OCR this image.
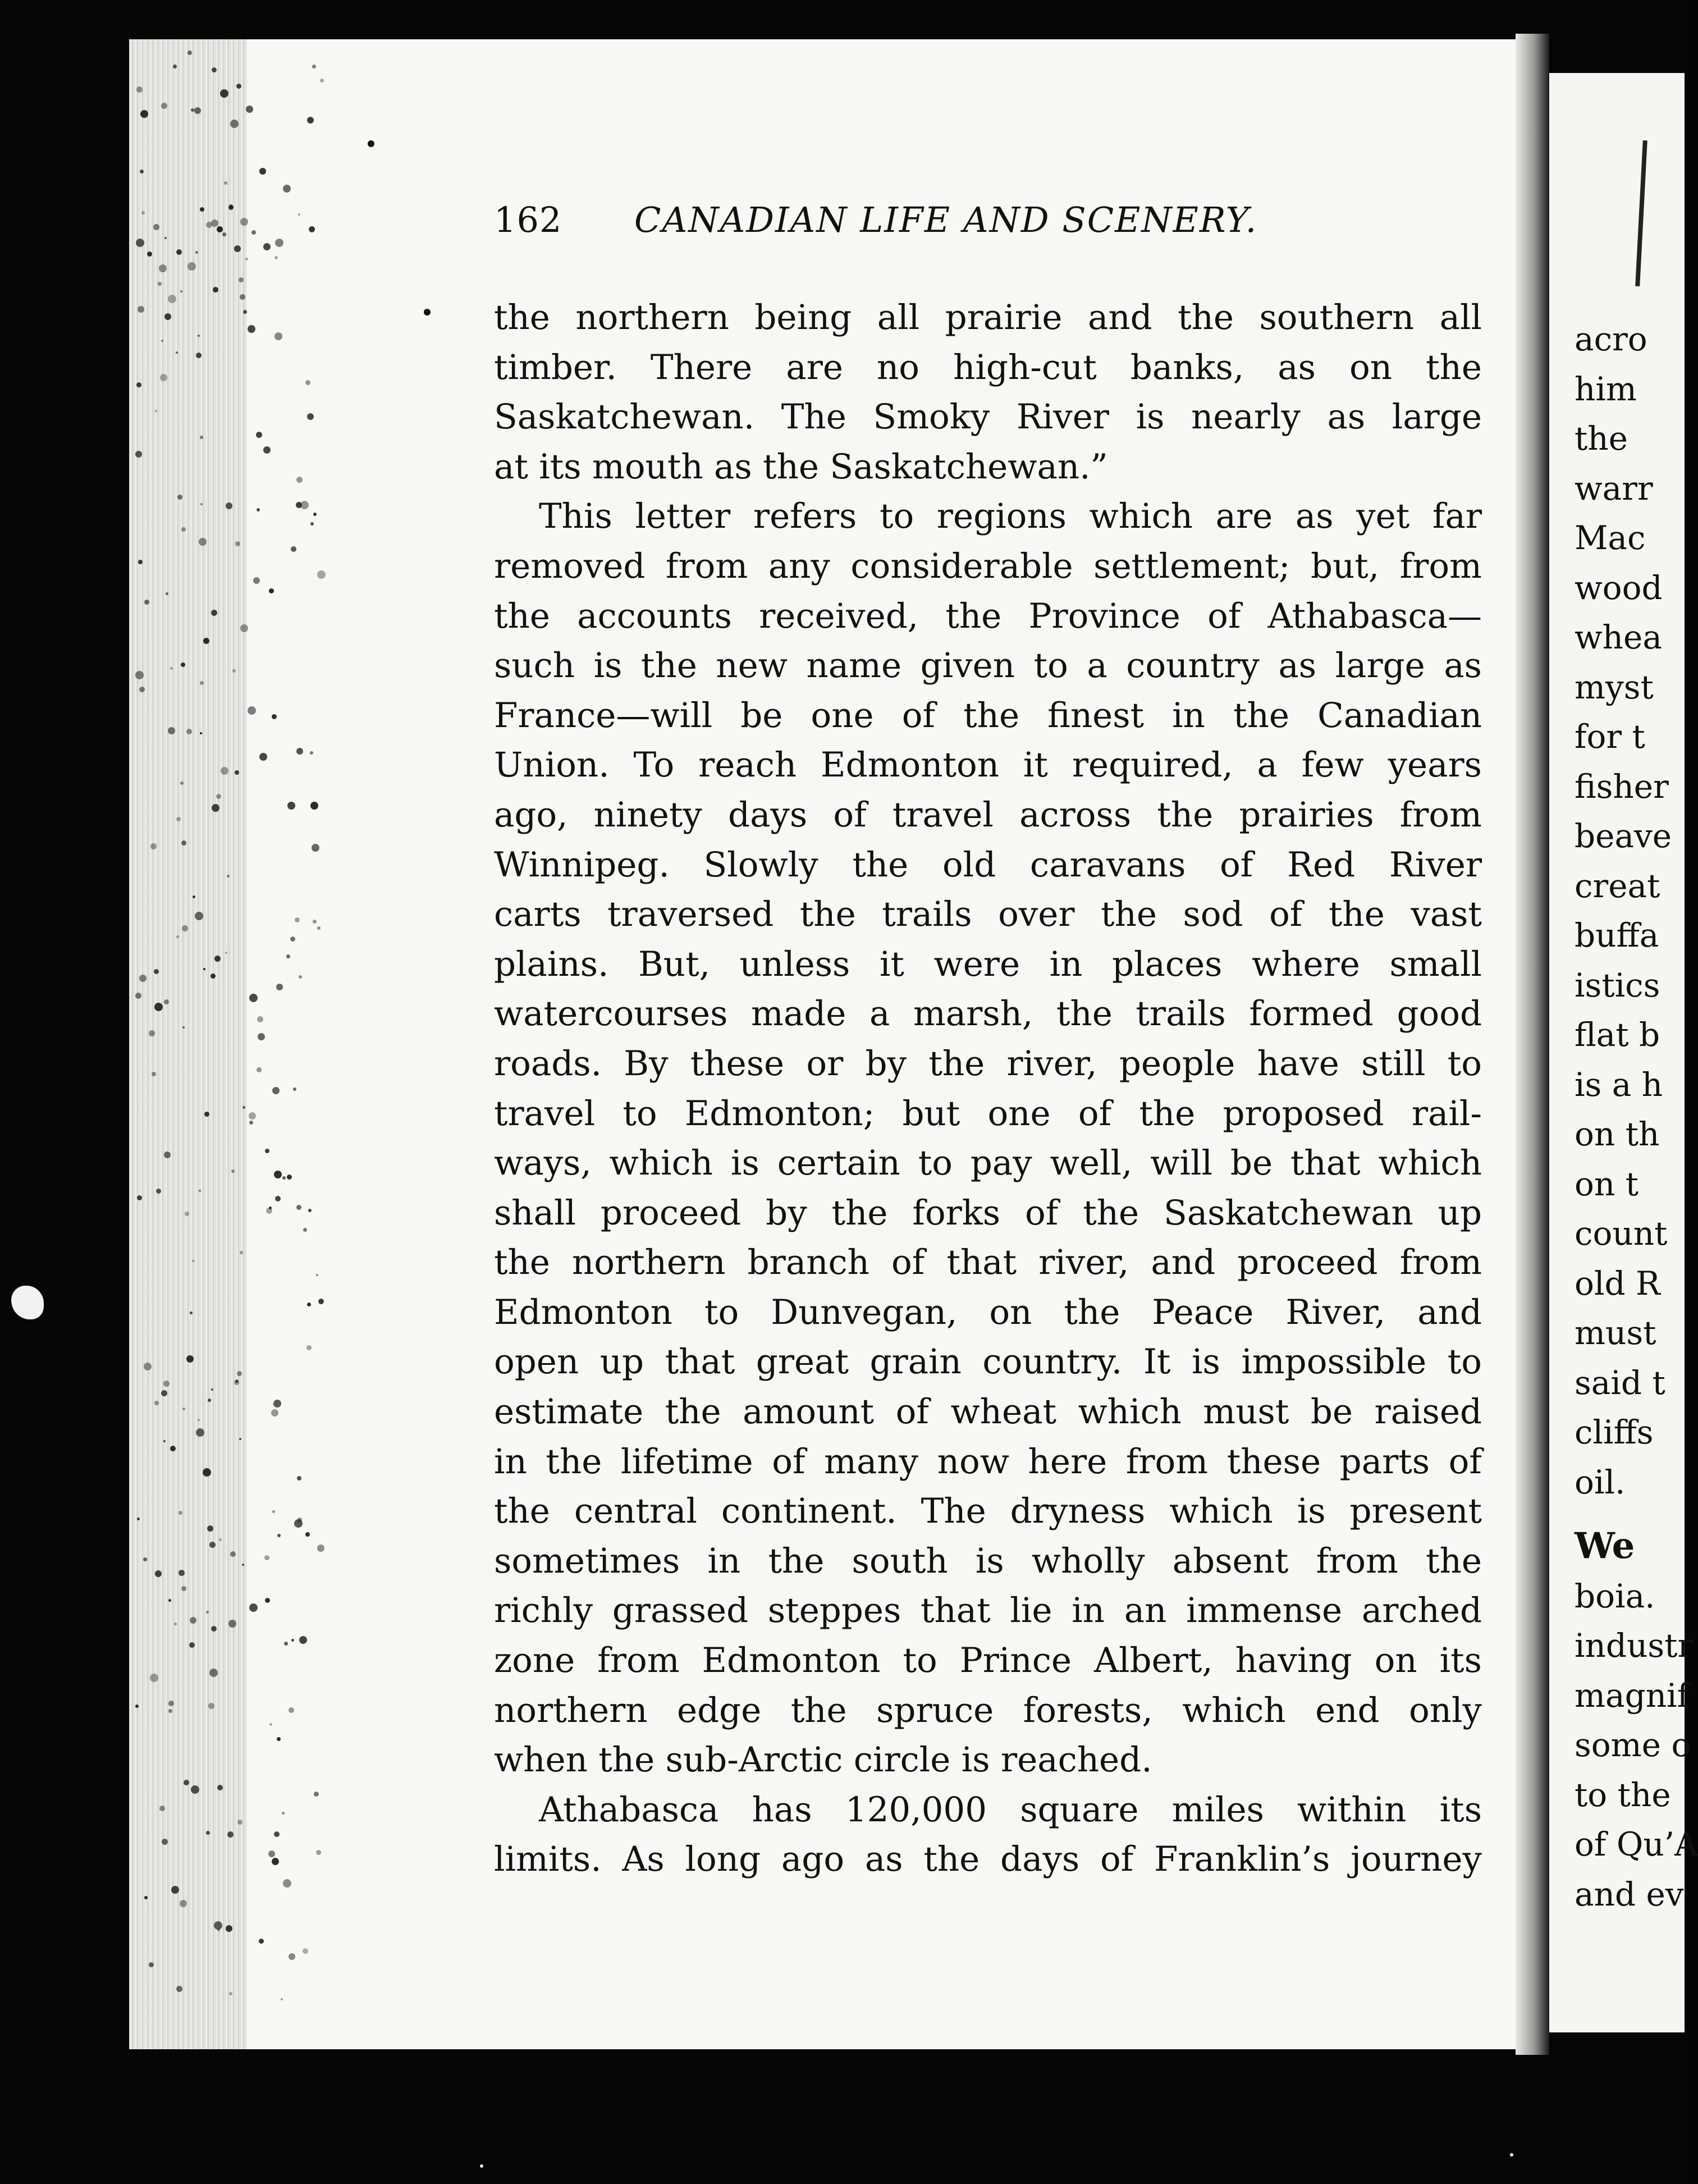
acro
him
the
warr
Mac
wood
whea
myst
for t
fisher
beave
creat
buffa
istics
flat b
is a h
on th
on t
count
old R
must
said t
cliffs
oil.
We
boia.
industr
magnif
some o
to the
of Qu’A
and ev
162 CANADIAN LIFE AND SCENERY.
the northern being all prairie and the southern all
timber. There are no high-cut banks, as on the
Saskatchewan. The Smoky River is nearly as large
at its mouth as the Saskatchewan.”
This letter refers to regions which are as yet far
removed from any considerable settlement; but, from
the accounts received, the Province of Athabasca—
such is the new name given to a country as large as
France—will be one of the finest in the Canadian
Union. To reach Edmonton it required, a few years
ago, ninety days of travel across the prairies from
Winnipeg. Slowly the old caravans of Red River
carts traversed the trails over the sod of the vast
plains. But, unless it were in places where small
watercourses made a marsh, the trails formed good
roads. By these or by the river, people have still to
travel to Edmonton; but one of the proposed rail-
ways, which is certain to pay well, will be that which
shall proceed by the forks of the Saskatchewan up
the northern branch of that river, and proceed from
Edmonton to Dunvegan, on the Peace River, and
open up that great grain country. It is impossible to
estimate the amount of wheat which must be raised
in the lifetime of many now here from these parts of
the central continent. The dryness which is present
sometimes in the south is wholly absent from the
richly grassed steppes that lie in an immense arched
zone from Edmonton to Prince Albert, having on its
northern edge the spruce forests, which end only
when the sub-Arctic circle is reached.
Athabasca has 120,000 square miles within its
limits. As long ago as the days of Franklin’s journey
